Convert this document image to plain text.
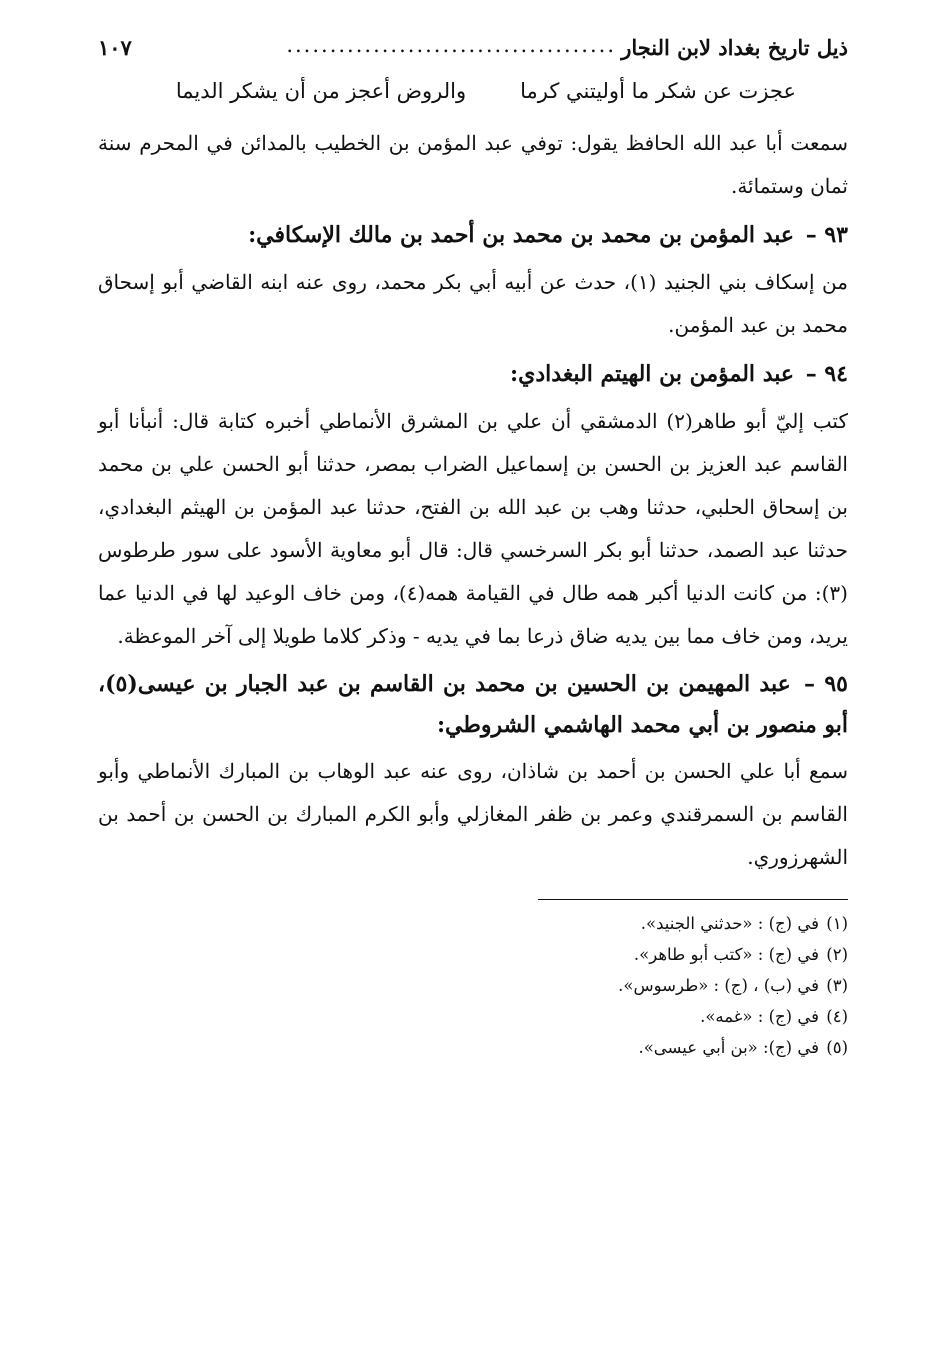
ذيل تاريخ بغداد لابن النجار
......................................
١٠٧
عجزت عن شكر ما أوليتني كرما
والروض أعجز من أن يشكر الديما

سمعت أبا عبد الله الحافظ يقول: توفي عبد المؤمن بن الخطيب بالمدائن في المحرم سنة ثمان وستمائة.

٩٣ – عبد المؤمن بن محمد بن محمد بن أحمد بن مالك الإسكافي:

من إسكاف بني الجنيد (١)، حدث عن أبيه أبي بكر محمد، روى عنه ابنه القاضي أبو إسحاق محمد بن عبد المؤمن.

٩٤ – عبد المؤمن بن الهيتم البغدادي:

كتب إليّ أبو طاهر(٢) الدمشقي أن علي بن المشرق الأنماطي أخبره كتابة قال: أنبأنا أبو القاسم عبد العزيز بن الحسن بن إسماعيل الضراب بمصر، حدثنا أبو الحسن علي بن محمد بن إسحاق الحلبي، حدثنا وهب بن عبد الله بن الفتح، حدثنا عبد المؤمن بن الهيثم البغدادي، حدثنا عبد الصمد، حدثنا أبو بكر السرخسي قال: قال أبو معاوية الأسود على سور طرطوس (٣): من كانت الدنيا أكبر همه طال في القيامة همه(٤)، ومن خاف الوعيد لها في الدنيا عما يريد، ومن خاف مما بين يديه ضاق ذرعا بما في يديه - وذكر كلاما طويلا إلى آخر الموعظة.

٩٥ – عبد المهيمن بن الحسين بن محمد بن القاسم بن عبد الجبار بن عيسى(٥)، أبو منصور بن أبي محمد الهاشمي الشروطي:

سمع أبا علي الحسن بن أحمد بن شاذان، روى عنه عبد الوهاب بن المبارك الأنماطي وأبو القاسم بن السمرقندي وعمر بن ظفر المغازلي وأبو الكرم المبارك بن الحسن بن أحمد بن الشهرزوري.

(١) في (ج) : «حدثني الجنيد».
(٢) في (ج) : «كتب أبو طاهر».
(٣) في (ب) ، (ج) : «طرسوس».
(٤) في (ج) : «غمه».
(٥) في (ج): «بن أبي عيسى».
